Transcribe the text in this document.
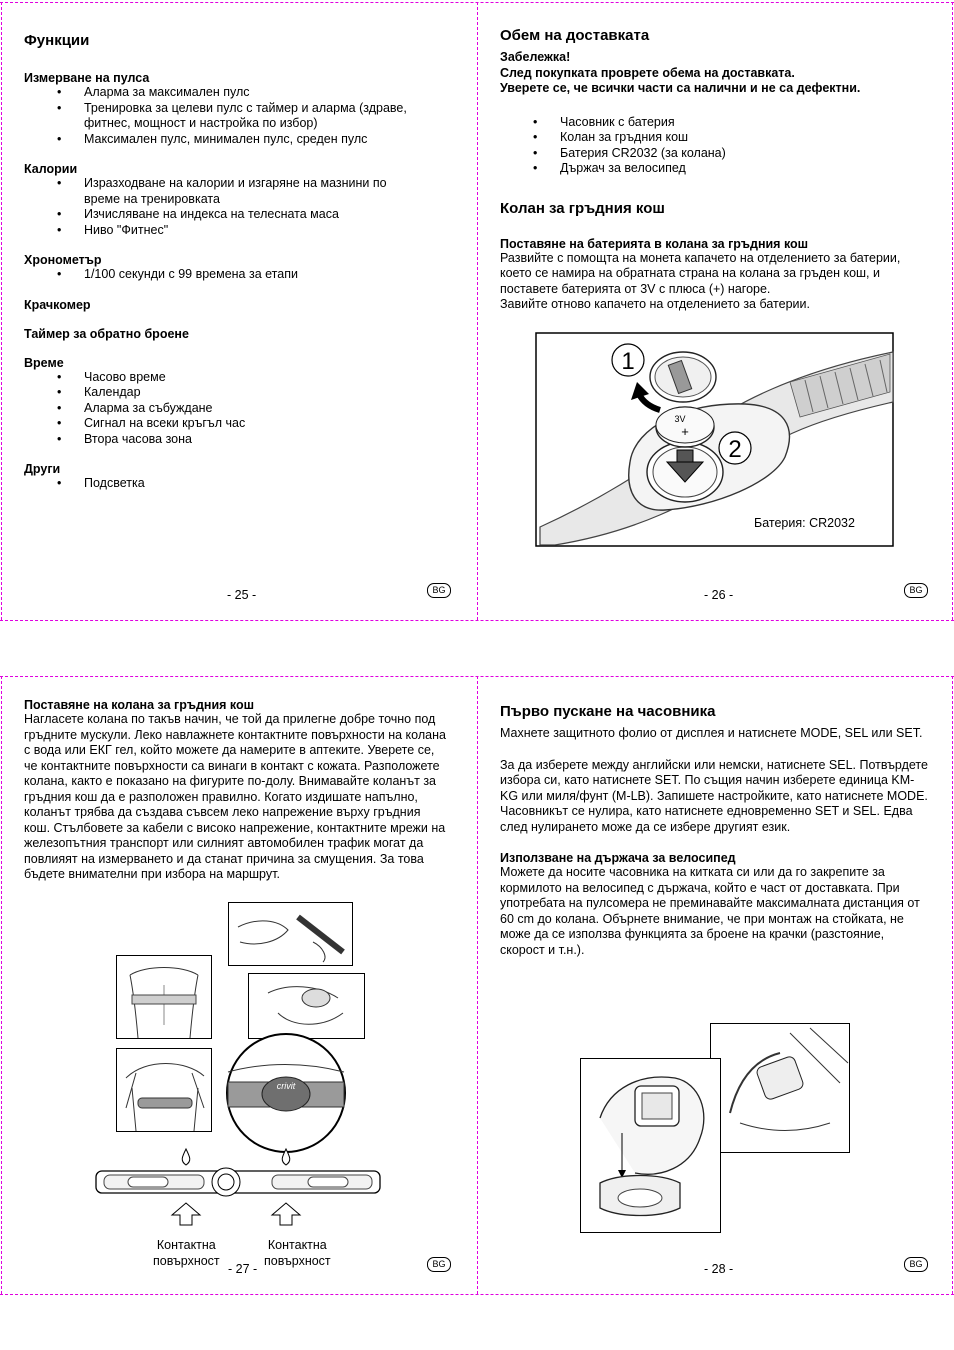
Функции
Измерване на пулса
• Аларма за максимален пулс
• Тренировка за целеви пулс с таймер и аларма (здраве, фитнес, мощност и настройка по избор)
• Максимален пулс, минимален пулс, среден пулс
Калории
• Изразходване на калории и изгаряне на мазнини по време на тренировката
• Изчисляване на индекса на телесната маса
• Ниво "Фитнес"
Хронометър
• 1/100 секунди с 99 времена за етапи
Крачкомер
Таймер за обратно броене
Време
• Часово време
• Календар
• Аларма за събуждане
• Сигнал на всеки кръгъл час
• Втора часова зона
Други
• Подсветка
- 25 -	BG
Обем на доставката

Забележка!

След покупката проврете обема на доставката.

Уверете се, че всички части са налични и не са дефектни.

• Часовник с батерия
• Колан за гръдния кош
• Батерия CR2032 (за колана)
• Държач за велосипед
Колан за гръдния кош
Поставяне на батерията в колана за гръдния кош

Развийте с помощта на монета капачето на отделението за батерии, което се намира на обратната страна на колана за гръден кош, и поставете батерията от 3V с плюса (+) нагоре.

Завийте отново капачето на отделението за батерии.

3V
+
1
2
Батерия: CR2032
- 26 -	BG
Поставяне на колана за гръдния кош

Нагласете колана по такъв начин, че той да прилегне добре точно под гръдните мускули. Леко навлажнете контактните повърхности на колана с вода или ЕКГ гел, който можете да намерите в аптеките. Уверете се, че контактните повърхности са винаги в контакт с кожата. Разположете колана, както е показано на фигурите по-долу. Внимавайте коланът за гръдния кош да е разположен правилно. Когато издишате напълно, коланът трябва да създава съвсем леко напрежение върху гръдния кош. Стълбовете за кабели с високо напрежение, контактните мрежи на железопътния транспорт или силният автомобилен трафик могат да повлияят на измерването и да станат причина за смущения. За това бъдете внимателни при избора на маршрут.

crivit
Контактна
повърхност
Контактна
повърхност
- 27 -	BG
Първо пускане на часовника

Махнете защитното фолио от дисплея и натиснете MODE, SEL или SET.

За да изберете между английски или немски, натиснете SEL. Потвърдете избора си, като натиснете SET. По същия начин изберете единица KM-KG или миля/фунт (M-LB). Запишете настройките, като натиснете MODE. Часовникът се нулира, като натиснете едновременно SET и SEL. Едва след нулирането може да се избере другият език.

Използване на държача за велосипед

Можете да носите часовника на китката си или да го закрепите за кормилото на велосипед с държача, който е част от доставката. При употребата на пулсомера не преминавайте максималната дистанция от 60 cm до колана. Обърнете внимание, че при монтаж на стойката, не може да се използва функцията за броене на крачки (разстояние, скорост и т.н.).

- 28 -	BG
